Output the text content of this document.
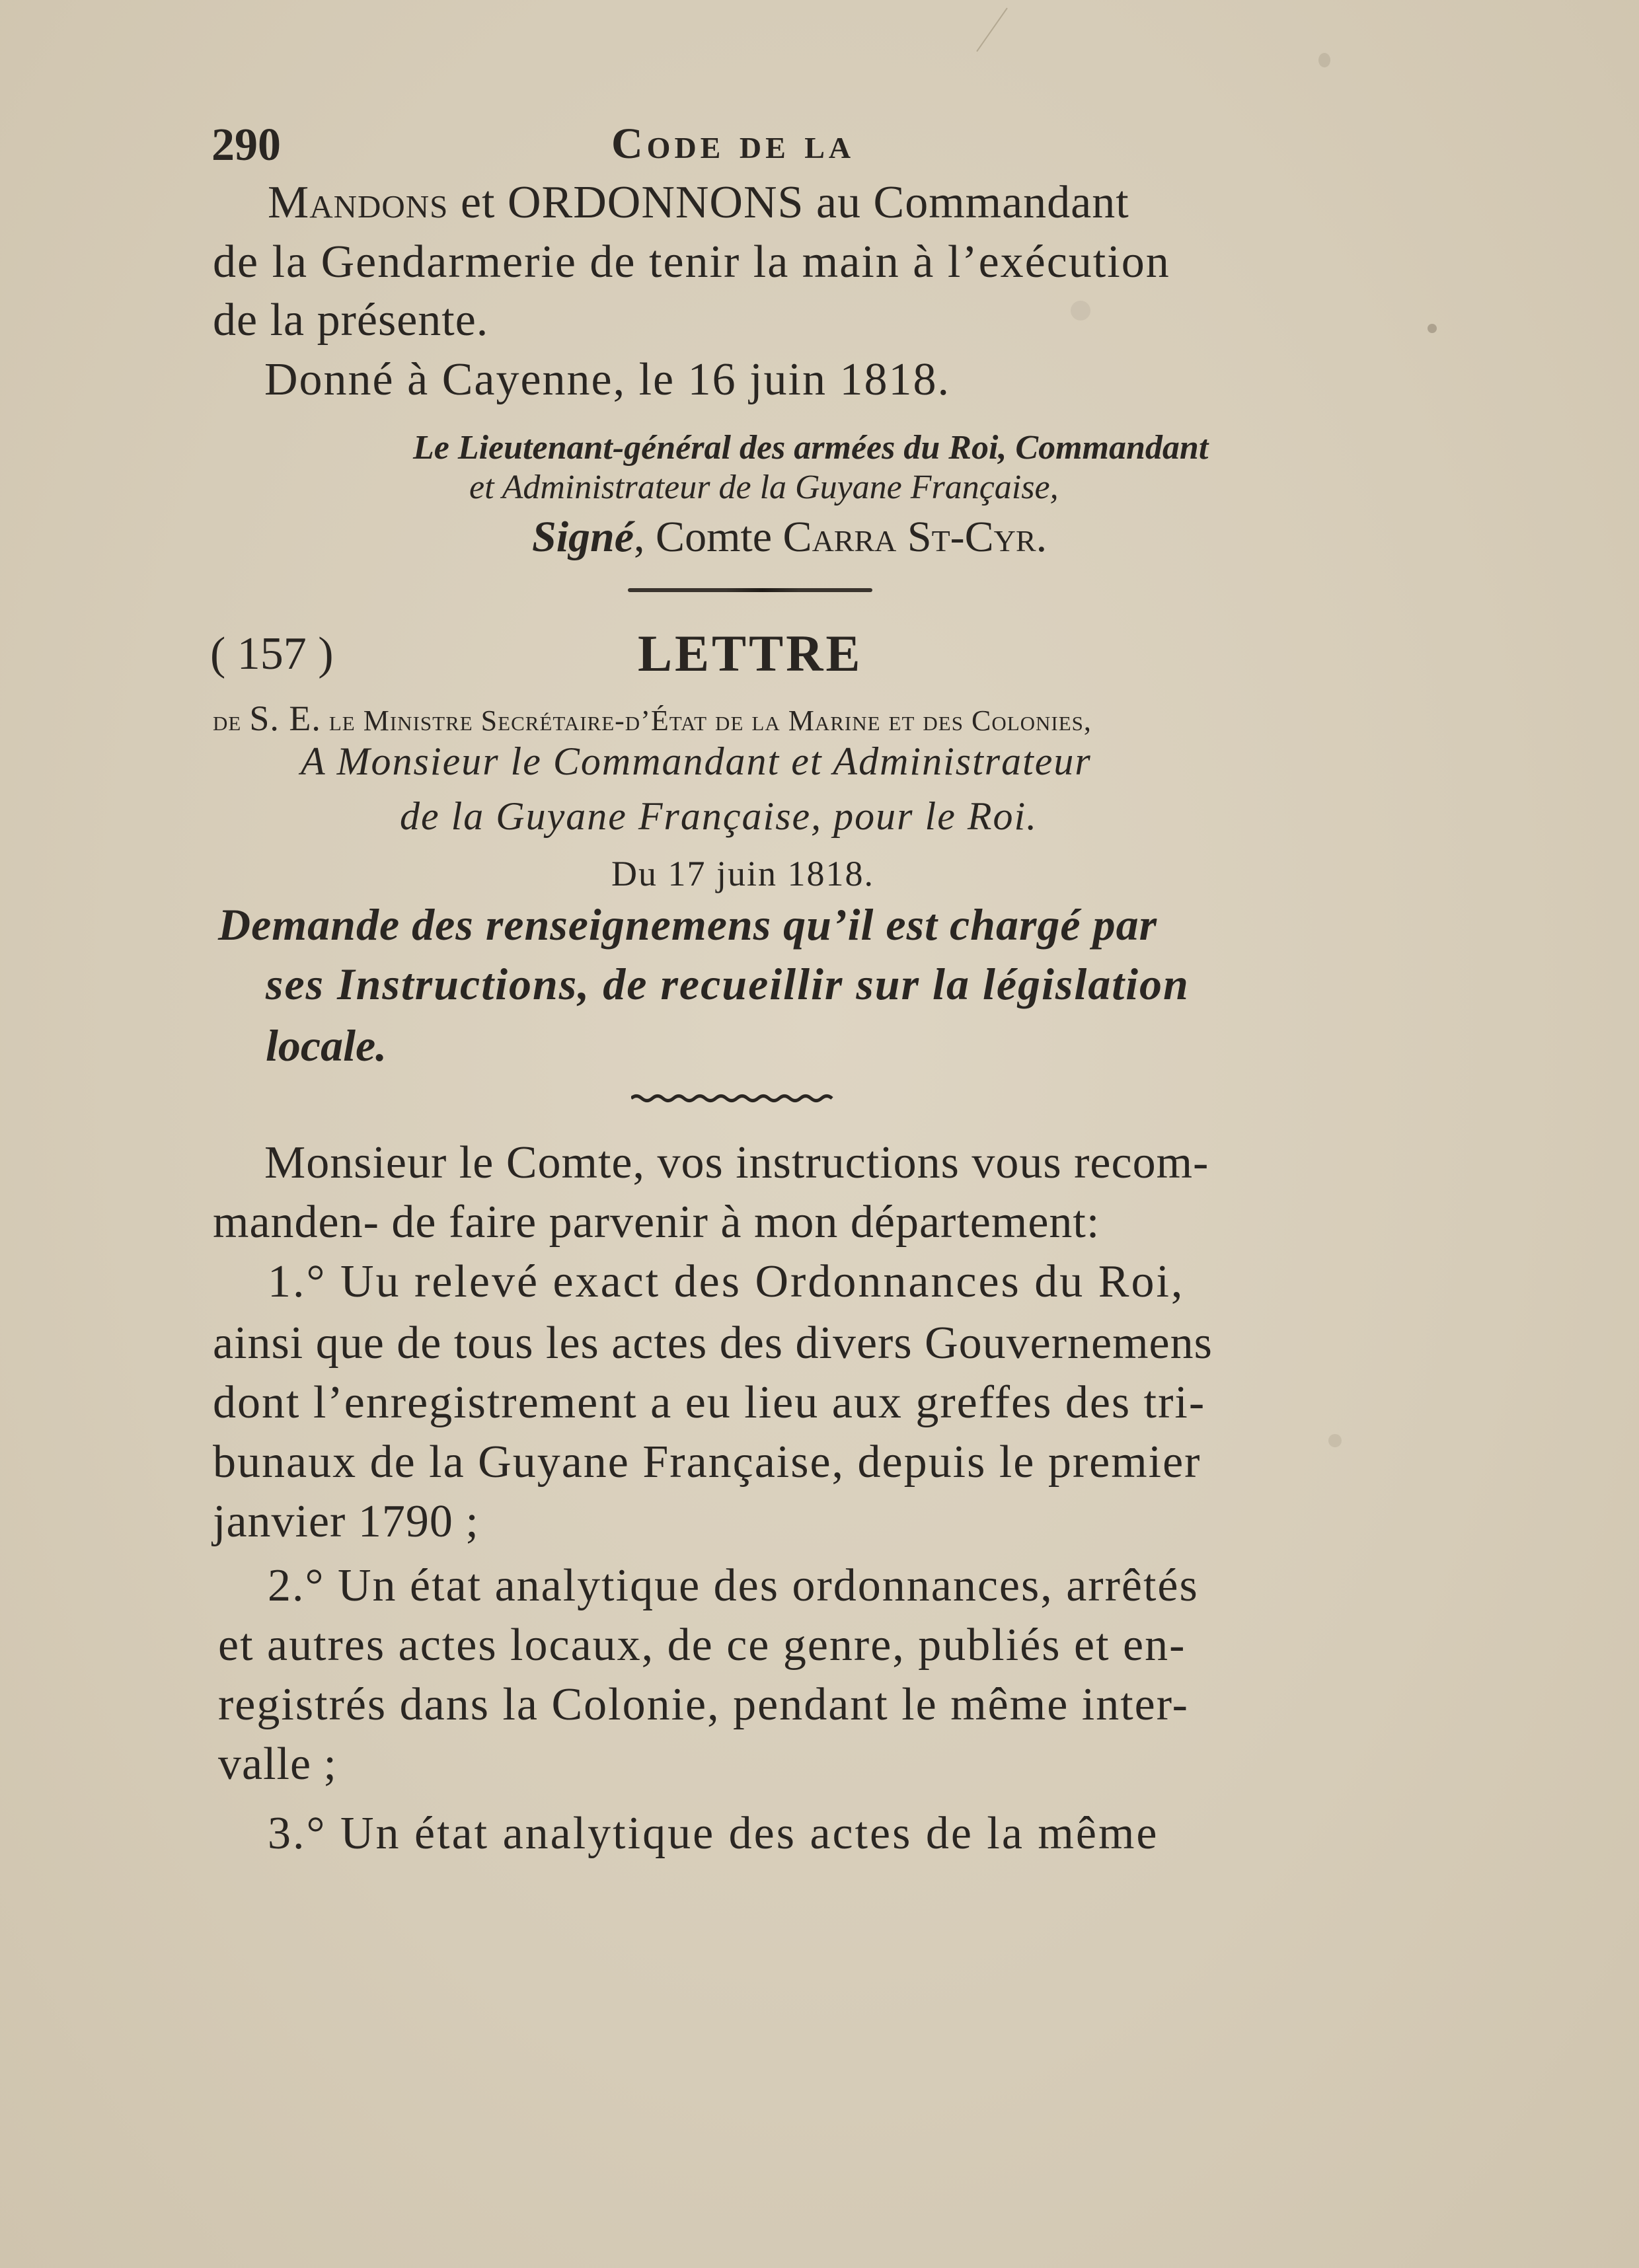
290	Code de la
Mandons et ORDONNONS au Commandant
de la Gendarmerie de tenir la main à l’exécution
de la présente.
Donné à Cayenne, le 16 juin 1818.
Le Lieutenant-général des armées du Roi, Commandant
et Administrateur de la Guyane Française,
Signé, Comte Carra St-Cyr.
( 157 )	LETTRE
de S. E. le Ministre Secrétaire-d’État de la Marine et des Colonies,
A Monsieur le Commandant et Administrateur
de la Guyane Française, pour le Roi.
Du 17 juin 1818.
Demande des renseignemens qu’il est chargé par
ses Instructions, de recueillir sur la législation
locale.
Monsieur le Comte, vos instructions vous recom-
manden- de faire parvenir à mon département:
1.° Uu relevé exact des Ordonnances du Roi,
ainsi que de tous les actes des divers Gouvernemens
dont l’enregistrement a eu lieu aux greffes des tri-
bunaux de la Guyane Française, depuis le premier
janvier 1790 ;
2.° Un état analytique des ordonnances, arrêtés
et autres actes locaux, de ce genre, publiés et en-
registrés dans la Colonie, pendant le même inter-
valle ;
3.° Un état analytique des actes de la même
